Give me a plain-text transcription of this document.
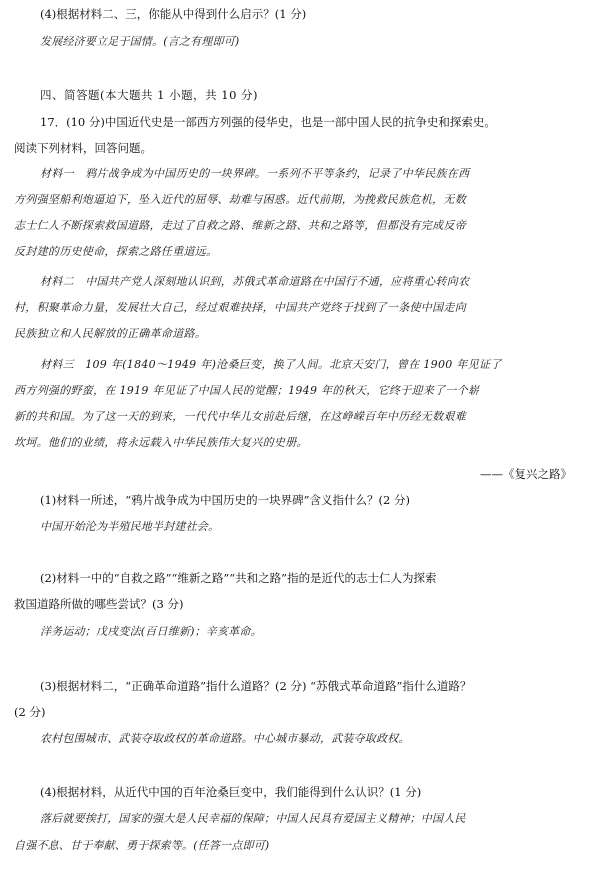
(4)根据材料二、三，你能从中得到什么启示？(1 分)
发展经济要立足于国情。(言之有理即可)
四、简答题(本大题共 1 小题，共 10 分)
17．(10 分)中国近代史是一部西方列强的侵华史，也是一部中国人民的抗争史和探索史。
阅读下列材料，回答问题。
材料一　鸦片战争成为中国历史的一块界碑。一系列不平等条约，记录了中华民族在西
方列强坚船利炮逼迫下，坠入近代的屈辱、劫难与困惑。近代前期，为挽救民族危机，无数
志士仁人不断探索救国道路，走过了自救之路、维新之路、共和之路等，但都没有完成反帝
反封建的历史使命，探索之路任重道远。
材料二　中国共产党人深刻地认识到，苏俄式革命道路在中国行不通，应将重心转向农
村，积聚革命力量，发展壮大自己，经过艰难抉择，中国共产党终于找到了一条使中国走向
民族独立和人民解放的正确革命道路。
材料三　109 年(1840～1949 年)沧桑巨变，换了人间。北京天安门，曾在 1900 年见证了
西方列强的野蛮，在 1919 年见证了中国人民的觉醒；1949 年的秋天，它终于迎来了一个崭
新的共和国。为了这一天的到来，一代代中华儿女前赴后继，在这峥嵘百年中历经无数艰难
坎坷。他们的业绩，将永远载入中华民族伟大复兴的史册。
——《复兴之路》
(1)材料一所述，“鸦片战争成为中国历史的一块界碑”含义指什么？(2 分)
中国开始沦为半殖民地半封建社会。
(2)材料一中的“自救之路”“维新之路”“共和之路”指的是近代的志士仁人为探索
救国道路所做的哪些尝试？(3 分)
洋务运动；戊戌变法(百日维新)；辛亥革命。
(3)根据材料二，“正确革命道路”指什么道路？(2 分) “苏俄式革命道路”指什么道路？
(2 分)
农村包围城市、武装夺取政权的革命道路。中心城市暴动，武装夺取政权。
(4)根据材料，从近代中国的百年沧桑巨变中，我们能得到什么认识？(1 分)
落后就要挨打，国家的强大是人民幸福的保障；中国人民具有爱国主义精神；中国人民
自强不息、甘于奉献、勇于探索等。(任答一点即可)
